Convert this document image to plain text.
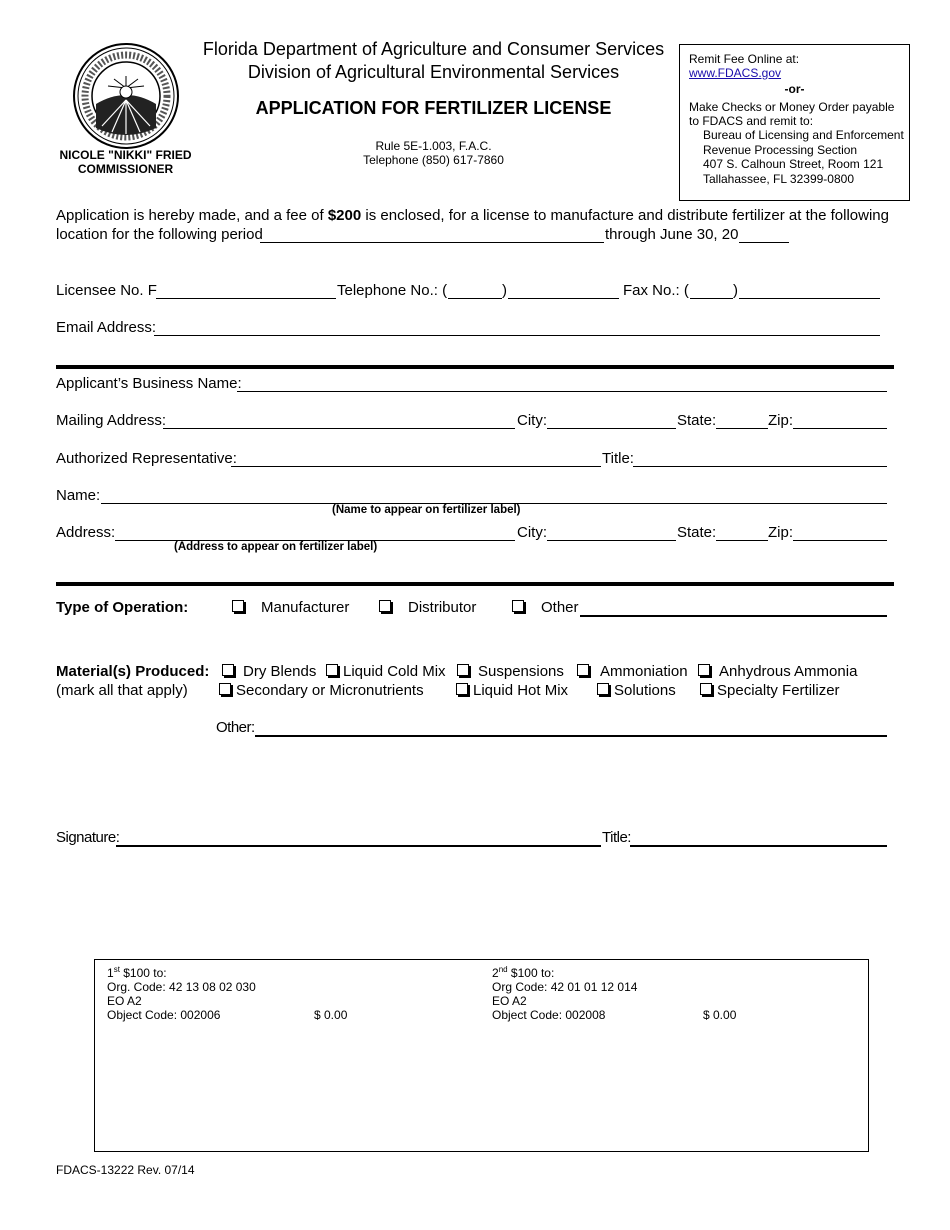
NICOLE "NIKKI" FRIED
COMMISSIONER
Florida Department of Agriculture and Consumer Services
Division of Agricultural Environmental Services
APPLICATION FOR FERTILIZER LICENSE
Rule 5E-1.003, F.A.C.
Telephone (850) 617-7860
Remit Fee Online at:
www.FDACS.gov
-or-
Make Checks or Money Order payable
to FDACS and remit to:
Bureau of Licensing and Enforcement
Revenue Processing Section
407 S. Calhoun Street, Room 121
Tallahassee, FL 32399-0800
Application is hereby made, and a fee of $200 is enclosed, for a license to manufacture and distribute fertilizer at the following
location for the following period	through June 30, 20
Licensee No. F	Telephone No.: (	)	Fax No.: (	)
Email Address:
Applicant’s Business Name:
Mailing Address:	City:	State:	Zip:
Authorized Representative:	Title:
Name:
(Name to appear on fertilizer label)
Address:
(Address to appear on fertilizer label)
City:	State:	Zip:
Type of Operation:	Manufacturer	Distributor	Other
Material(s) Produced:
(mark all that apply)
Dry Blends	Liquid Cold Mix	Suspensions	Ammoniation	Anhydrous Ammonia
Secondary or Micronutrients	Liquid Hot Mix	Solutions	Specialty Fertilizer
Other:
Signature:	Title:
1st $100 to:
Org. Code: 42 13 08 02 030
EO A2
Object Code: 002006	$ 0.00
2nd $100 to:
Org Code: 42 01 01 12 014
EO A2
Object Code: 002008	$ 0.00
FDACS-13222 Rev. 07/14
